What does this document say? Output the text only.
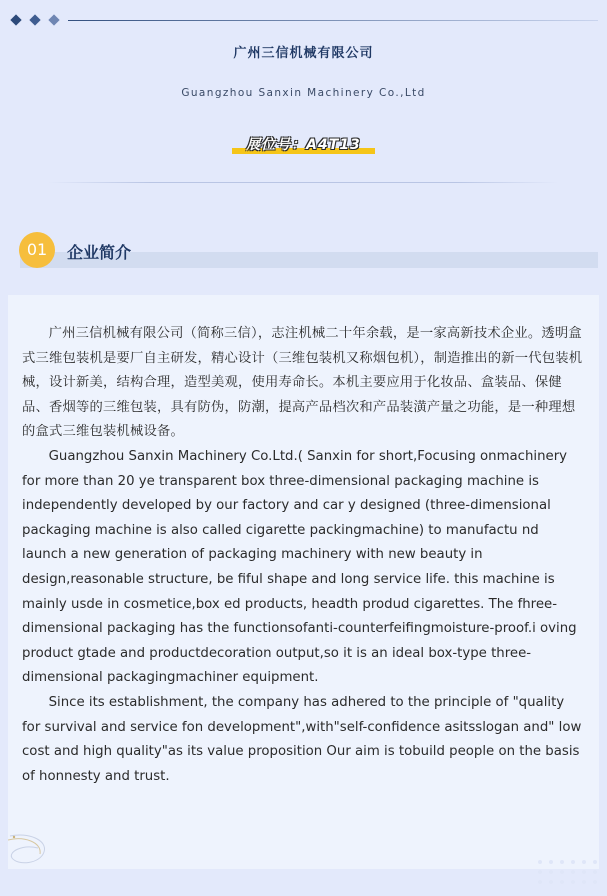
广州三信机械有限公司
Guangzhou Sanxin Machinery Co.,Ltd
展位号：A4T13
01	企业简介

广州三信机械有限公司（简称三信），志注机械二十年余载，是一家高新技术企业。透明盒式三维包装机是要厂自主研发，精心设计（三维包装机又称烟包机），制造推出的新一代包装机械，设计新美，结构合理，造型美观，使用寿命长。本机主要应用于化妆品、盒装品、保健品、香烟等的三维包装，具有防伪，防潮，提高产品档次和产品装潢产量之功能，是一种理想的盒式三维包装机械设备。

Guangzhou Sanxin Machinery Co.Ltd.( Sanxin for short,Focusing onmachinery for more than 20 ye transparent box three-dimensional packaging machine is independently developed by our factory and car y designed (three-dimensional packaging machine is also called cigarette packingmachine) to manufactu nd launch a new generation of packaging machinery with new beauty in design,reasonable structure, be fiful shape and long service life. this machine is mainly usde in cosmetice,box ed products, headth produd cigarettes. The fhree-dimensional packaging has the functionsofanti-counterfeifingmoisture-proof.i oving product gtade and productdecoration output,so it is an ideal box-type three-dimensional packagingmachiner equipment.

Since its establishment, the company has adhered to the principle of "quality for survival and service fon development",with"self-confidence asitsslogan and" low cost and high quality"as its value proposition Our aim is tobuild people on the basis of honnesty and trust.
